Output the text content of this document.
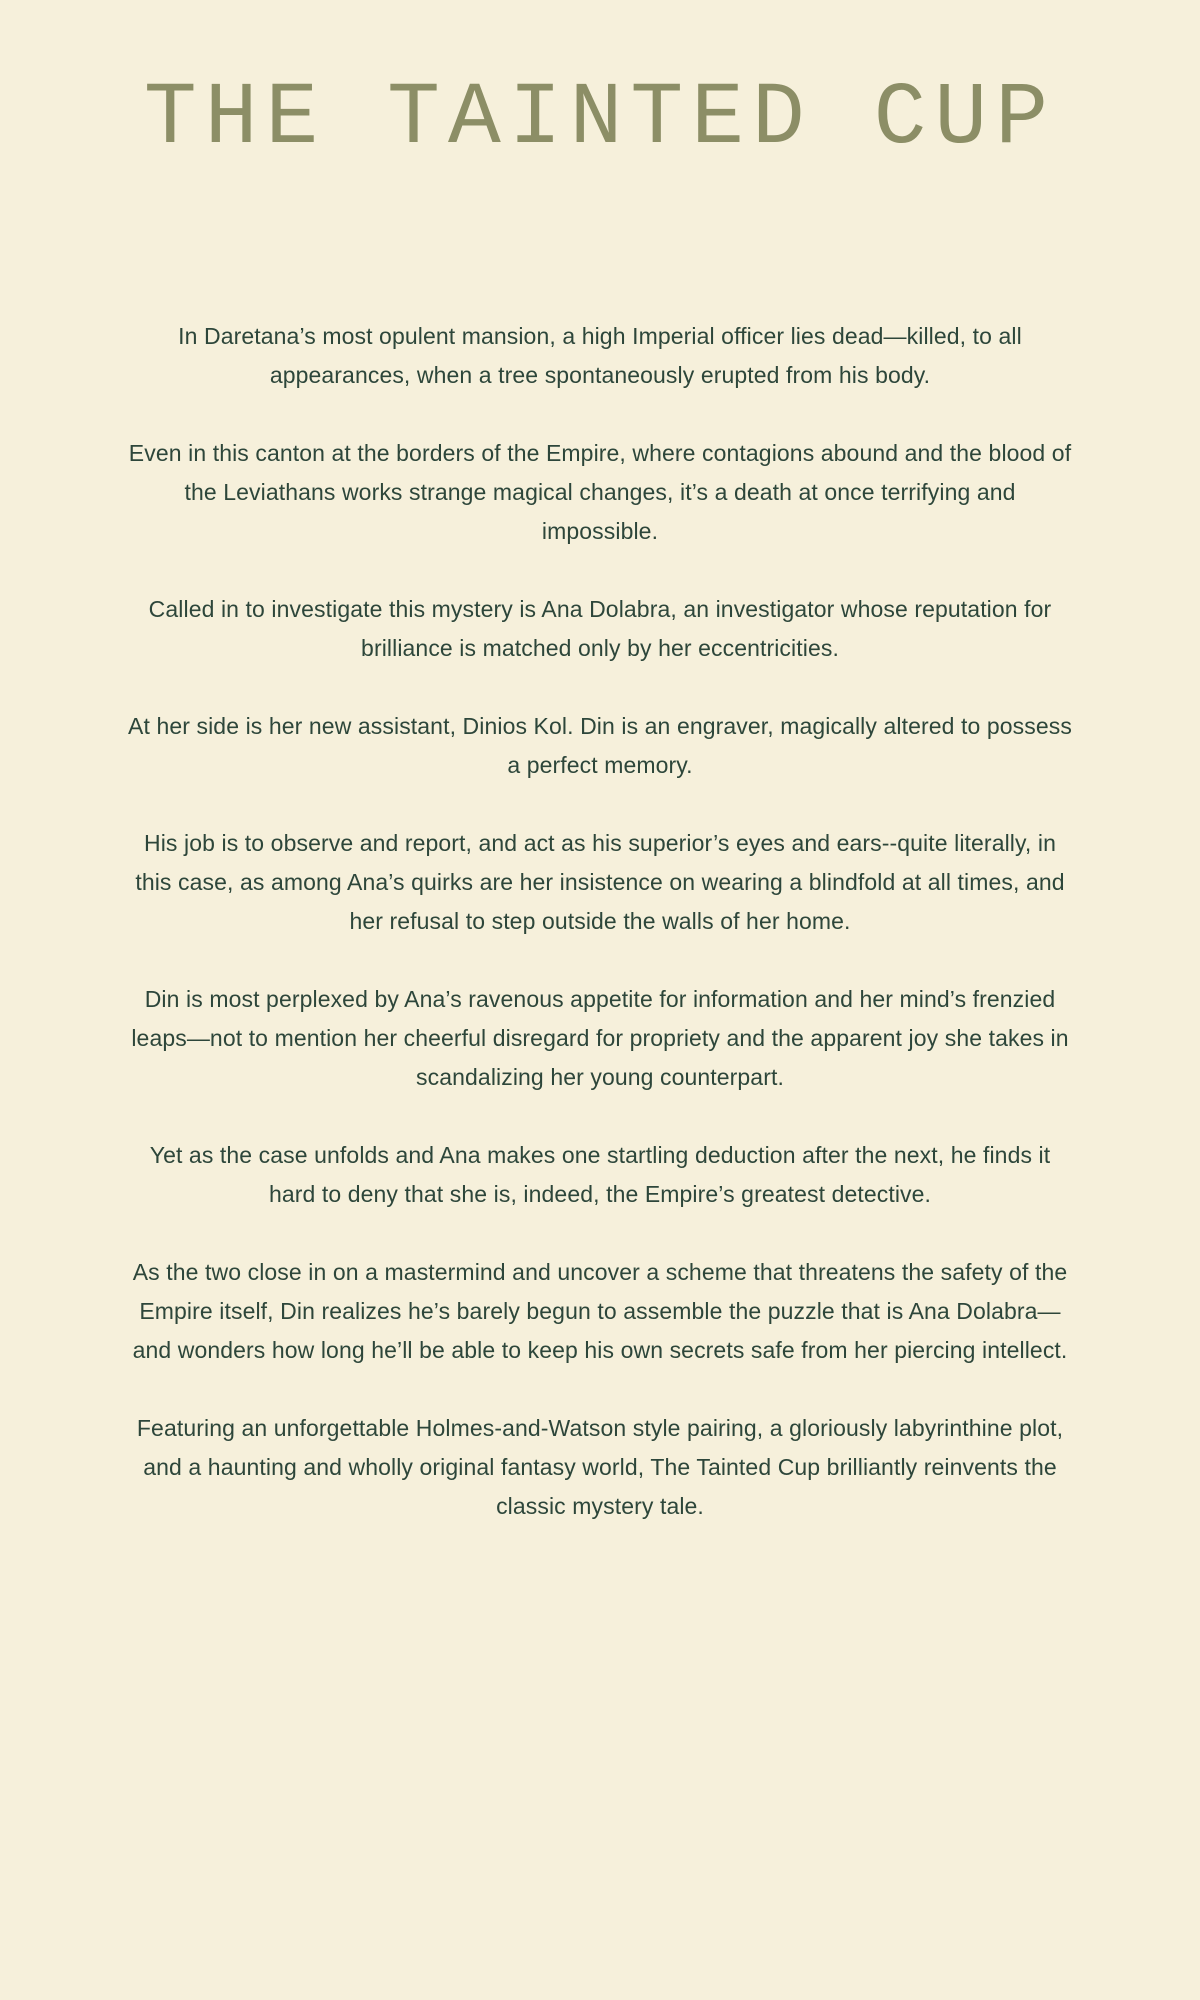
THE TAINTED CUP

In Daretana’s most opulent mansion, a high Imperial officer lies dead—killed, to all appearances, when a tree spontaneously erupted from his body.

Even in this canton at the borders of the Empire, where contagions abound and the blood of the Leviathans works strange magical changes, it’s a death at once terrifying and impossible.

Called in to investigate this mystery is Ana Dolabra, an investigator whose reputation for brilliance is matched only by her eccentricities.

At her side is her new assistant, Dinios Kol. Din is an engraver, magically altered to possess a perfect memory.

His job is to observe and report, and act as his superior’s eyes and ears--quite literally, in this case, as among Ana’s quirks are her insistence on wearing a blindfold at all times, and her refusal to step outside the walls of her home.

Din is most perplexed by Ana’s ravenous appetite for information and her mind’s frenzied leaps—not to mention her cheerful disregard for propriety and the apparent joy she takes in scandalizing her young counterpart.

Yet as the case unfolds and Ana makes one startling deduction after the next, he finds it hard to deny that she is, indeed, the Empire’s greatest detective.

As the two close in on a mastermind and uncover a scheme that threatens the safety of the Empire itself, Din realizes he’s barely begun to assemble the puzzle that is Ana Dolabra—and wonders how long he’ll be able to keep his own secrets safe from her piercing intellect.

Featuring an unforgettable Holmes-and-Watson style pairing, a gloriously labyrinthine plot, and a haunting and wholly original fantasy world, The Tainted Cup brilliantly reinvents the classic mystery tale.
